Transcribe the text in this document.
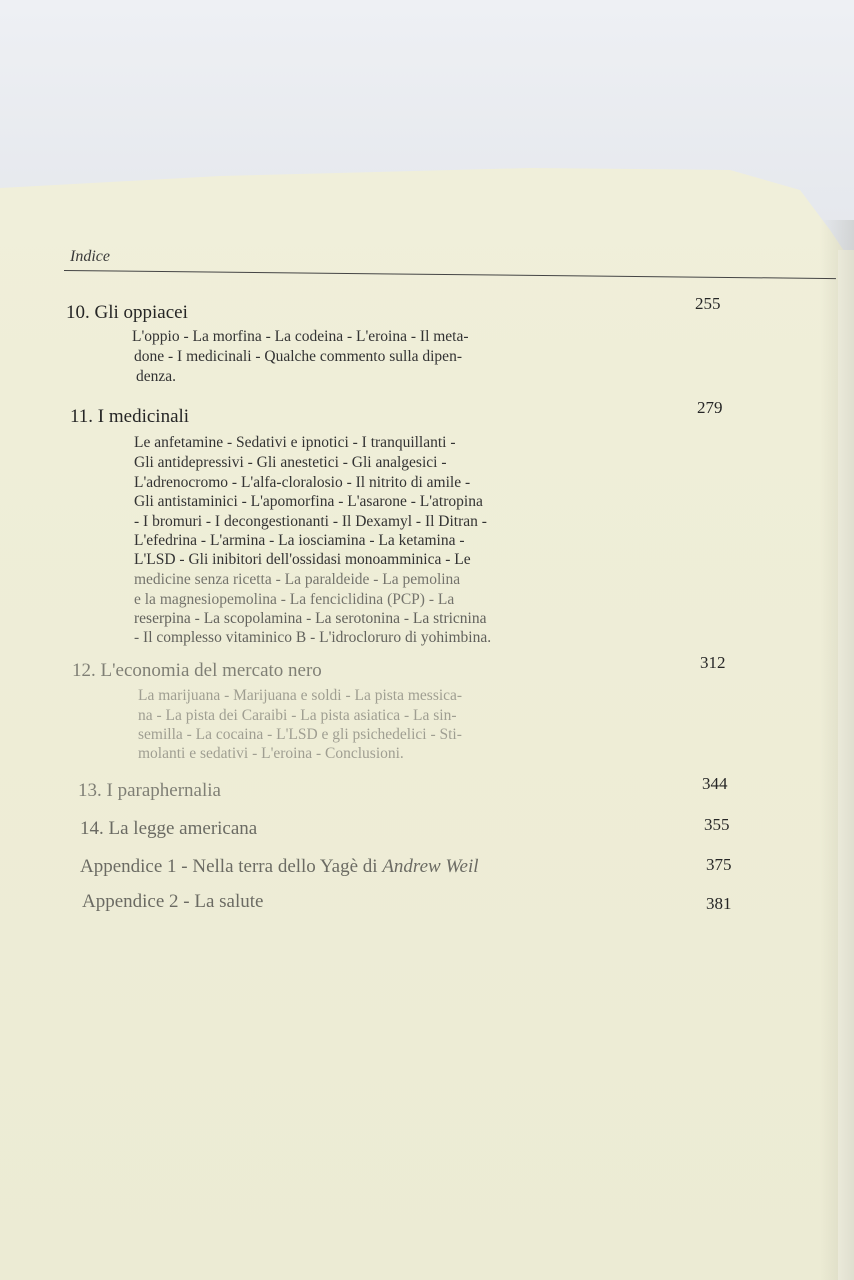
Indice
10. Gli oppiacei	255
L'oppio - La morfina - La codeina - L'eroina - Il meta-
done - I medicinali - Qualche commento sulla dipen-
denza.
11. I medicinali	279
Le anfetamine - Sedativi e ipnotici - I tranquillanti -
Gli antidepressivi - Gli anestetici - Gli analgesici -
L'adrenocromo - L'alfa-cloralosio - Il nitrito di amile -
Gli antistaminici - L'apomorfina - L'asarone - L'atropina
- I bromuri - I decongestionanti - Il Dexamyl - Il Ditran -
L'efedrina - L'armina - La iosciamina - La ketamina -
L'LSD - Gli inibitori dell'ossidasi monoamminica - Le
medicine senza ricetta - La paraldeide - La pemolina
e la magnesiopemolina - La fenciclidina (PCP) - La
reserpina - La scopolamina - La serotonina - La stricnina
- Il complesso vitaminico B - L'idrocloruro di yohimbina.
12. L'economia del mercato nero	312
La marijuana - Marijuana e soldi - La pista messica-
na - La pista dei Caraibi - La pista asiatica - La sin-
semilla - La cocaina - L'LSD e gli psichedelici - Sti-
molanti e sedativi - L'eroina - Conclusioni.
13. I paraphernalia	344
14. La legge americana	355
Appendice 1 - Nella terra dello Yagè di Andrew Weil	375
Appendice 2 - La salute	381
